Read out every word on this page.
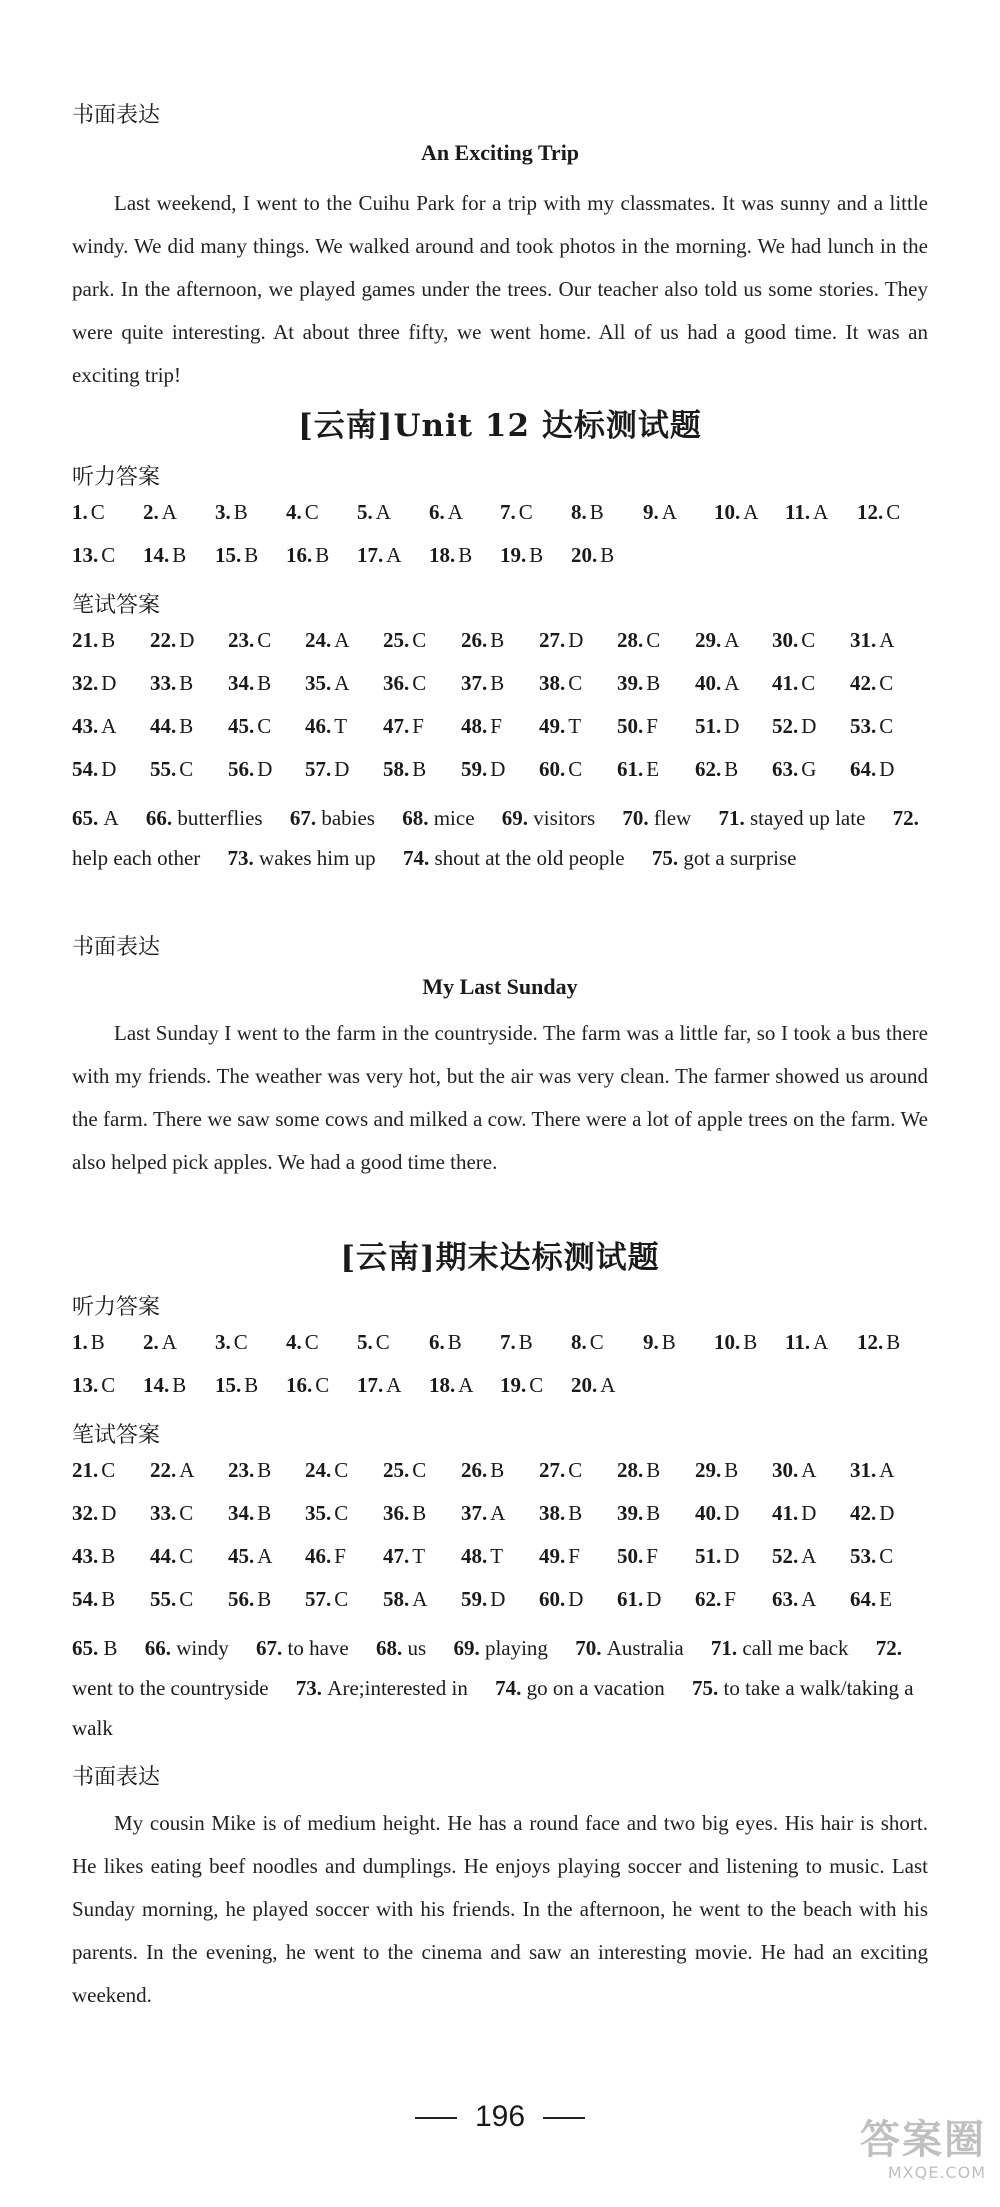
书面表达
An Exciting Trip
Last weekend, I went to the Cuihu Park for a trip with my classmates. It was sunny and a little windy. We did many things. We walked around and took photos in the morning. We had lunch in the park. In the afternoon, we played games under the trees. Our teacher also told us some stories. They were quite interesting. At about three fifty, we went home. All of us had a good time. It was an exciting trip!
[云南]Unit 12 达标测试题
听力答案
1. C 2. A 3. B 4. C 5. A 6. A 7. C 8. B 9. A 10. A 11. A 12. C
13. C 14. B 15. B 16. B 17. A 18. B 19. B 20. B
笔试答案
21. B 22. D 23. C 24. A 25. C 26. B 27. D 28. C 29. A 30. C 31. A
32. D 33. B 34. B 35. A 36. C 37. B 38. C 39. B 40. A 41. C 42. C
43. A 44. B 45. C 46. T 47. F 48. F 49. T 50. F 51. D 52. D 53. C
54. D 55. C 56. D 57. D 58. B 59. D 60. C 61. E 62. B 63. G 64. D
65. A 66. butterflies 67. babies 68. mice 69. visitors 70. flew 71. stayed up late 72. help each other 73. wakes him up 74. shout at the old people 75. got a surprise
书面表达
My Last Sunday
Last Sunday I went to the farm in the countryside. The farm was a little far, so I took a bus there with my friends. The weather was very hot, but the air was very clean. The farmer showed us around the farm. There we saw some cows and milked a cow. There were a lot of apple trees on the farm. We also helped pick apples. We had a good time there.
[云南]期末达标测试题
听力答案
1. B 2. A 3. C 4. C 5. C 6. B 7. B 8. C 9. B 10. B 11. A 12. B
13. C 14. B 15. B 16. C 17. A 18. A 19. C 20. A
笔试答案
21. C 22. A 23. B 24. C 25. C 26. B 27. C 28. B 29. B 30. A 31. A
32. D 33. C 34. B 35. C 36. B 37. A 38. B 39. B 40. D 41. D 42. D
43. B 44. C 45. A 46. F 47. T 48. T 49. F 50. F 51. D 52. A 53. C
54. B 55. C 56. B 57. C 58. A 59. D 60. D 61. D 62. F 63. A 64. E
65. B 66. windy 67. to have 68. us 69. playing 70. Australia 71. call me back 72. went to the countryside 73. Are;interested in 74. go on a vacation 75. to take a walk/taking a walk
书面表达
My cousin Mike is of medium height. He has a round face and two big eyes. His hair is short. He likes eating beef noodles and dumplings. He enjoys playing soccer and listening to music. Last Sunday morning, he played soccer with his friends. In the afternoon, he went to the beach with his parents. In the evening, he went to the cinema and saw an interesting movie. He had an exciting weekend.
196
答案圈
MXQE.COM
